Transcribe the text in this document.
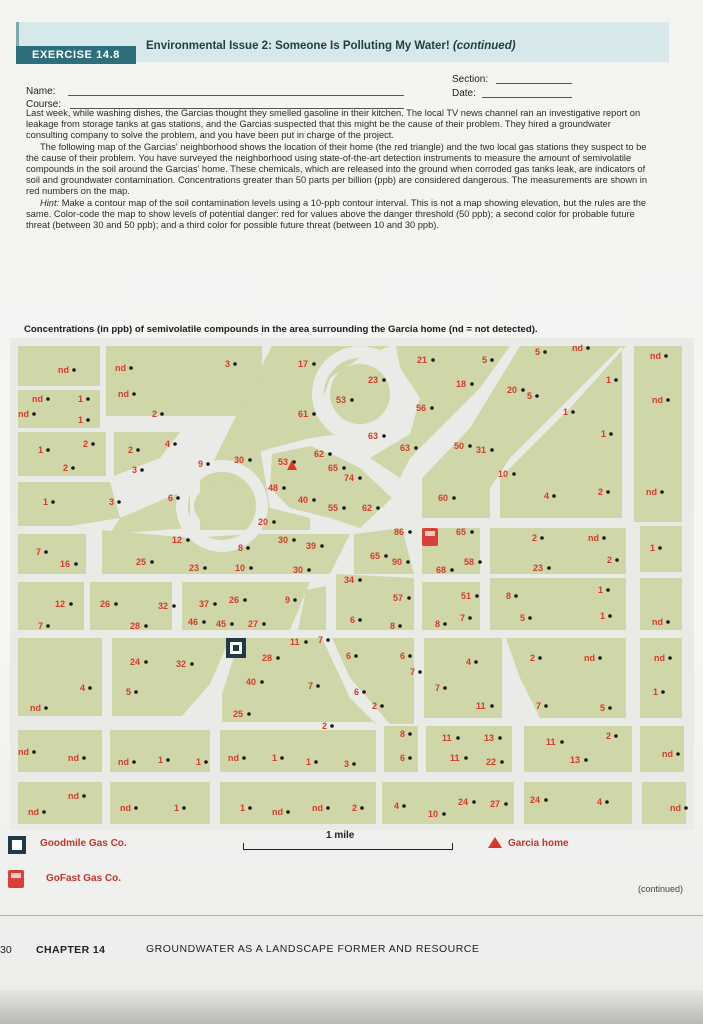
EXERCISE 14.8
Environmental Issue 2: Someone Is Polluting My Water! (continued)
Name:
Course:
Section:
Date:

Last week, while washing dishes, the Garcias thought they smelled gasoline in their kitchen. The local TV news channel ran an investigative report on leakage from storage tanks at gas stations, and the Garcias suspected that this might be the cause of their problem. They hired a groundwater consulting company to solve the problem, and you have been put in charge of the project.

The following map of the Garcias' neighborhood shows the location of their home (the red triangle) and the two local gas stations they suspect to be the cause of their problem. You have surveyed the neighborhood using state-of-the-art detection instruments to measure the amount of semivolatile compounds in the soil around the Garcias' home. These chemicals, which are released into the ground when corroded gas tanks leak, are indicators of soil and groundwater contamination. Concentrations greater than 50 parts per billion (ppb) are considered dangerous. The measurements are shown in red numbers on the map.

Hint: Make a contour map of the soil contamination levels using a 10-ppb contour interval. This is not a map showing elevation, but the rules are the same. Color-code the map to show levels of potential danger: red for values above the danger threshold (50 ppb); a second color for probable future threat (between 30 and 50 ppb); and a third color for possible future threat (between 10 and 30 ppb).

Concentrations (in ppb) of semivolatile compounds in the area surrounding the Garcia home (nd = not detected).
nd	nd	3	17	21	5
5	nd
nd
23	18
20
5
1
nd	1	nd
53
56	1
nd
nd
1
2	61
63
63	50 31
1
1
2
2
4
62
9	30	53
65
2	3
74	10
48
60	4	2	nd
1	3	6	40
55	62
20
86	65
12
8
30
39
2	nd
7	65
90	58	2
1
16	25
23	10	30	68	23
34
12	26	32	37 26	9	57	51	8
1
28	46 45 27	6
8	8
7	5	1
nd
7
11 7
24	32
28	6	6
4	2	nd	nd
40
7
4	5
7
6	7	1
nd	2	11	7	5
25
2
8	11	13	11
2
nd
nd	nd	1	1	nd	1	1	3
6	11	22	13
nd
nd
24 27	24	4
nd	nd	1	1	nd	nd	2	4
10
nd
Goodmile Gas Co.
GoFast Gas Co.
1 mile
Garcia home
(continued)
30 CHAPTER 14	GROUNDWATER AS A LANDSCAPE FORMER AND RESOURCE
